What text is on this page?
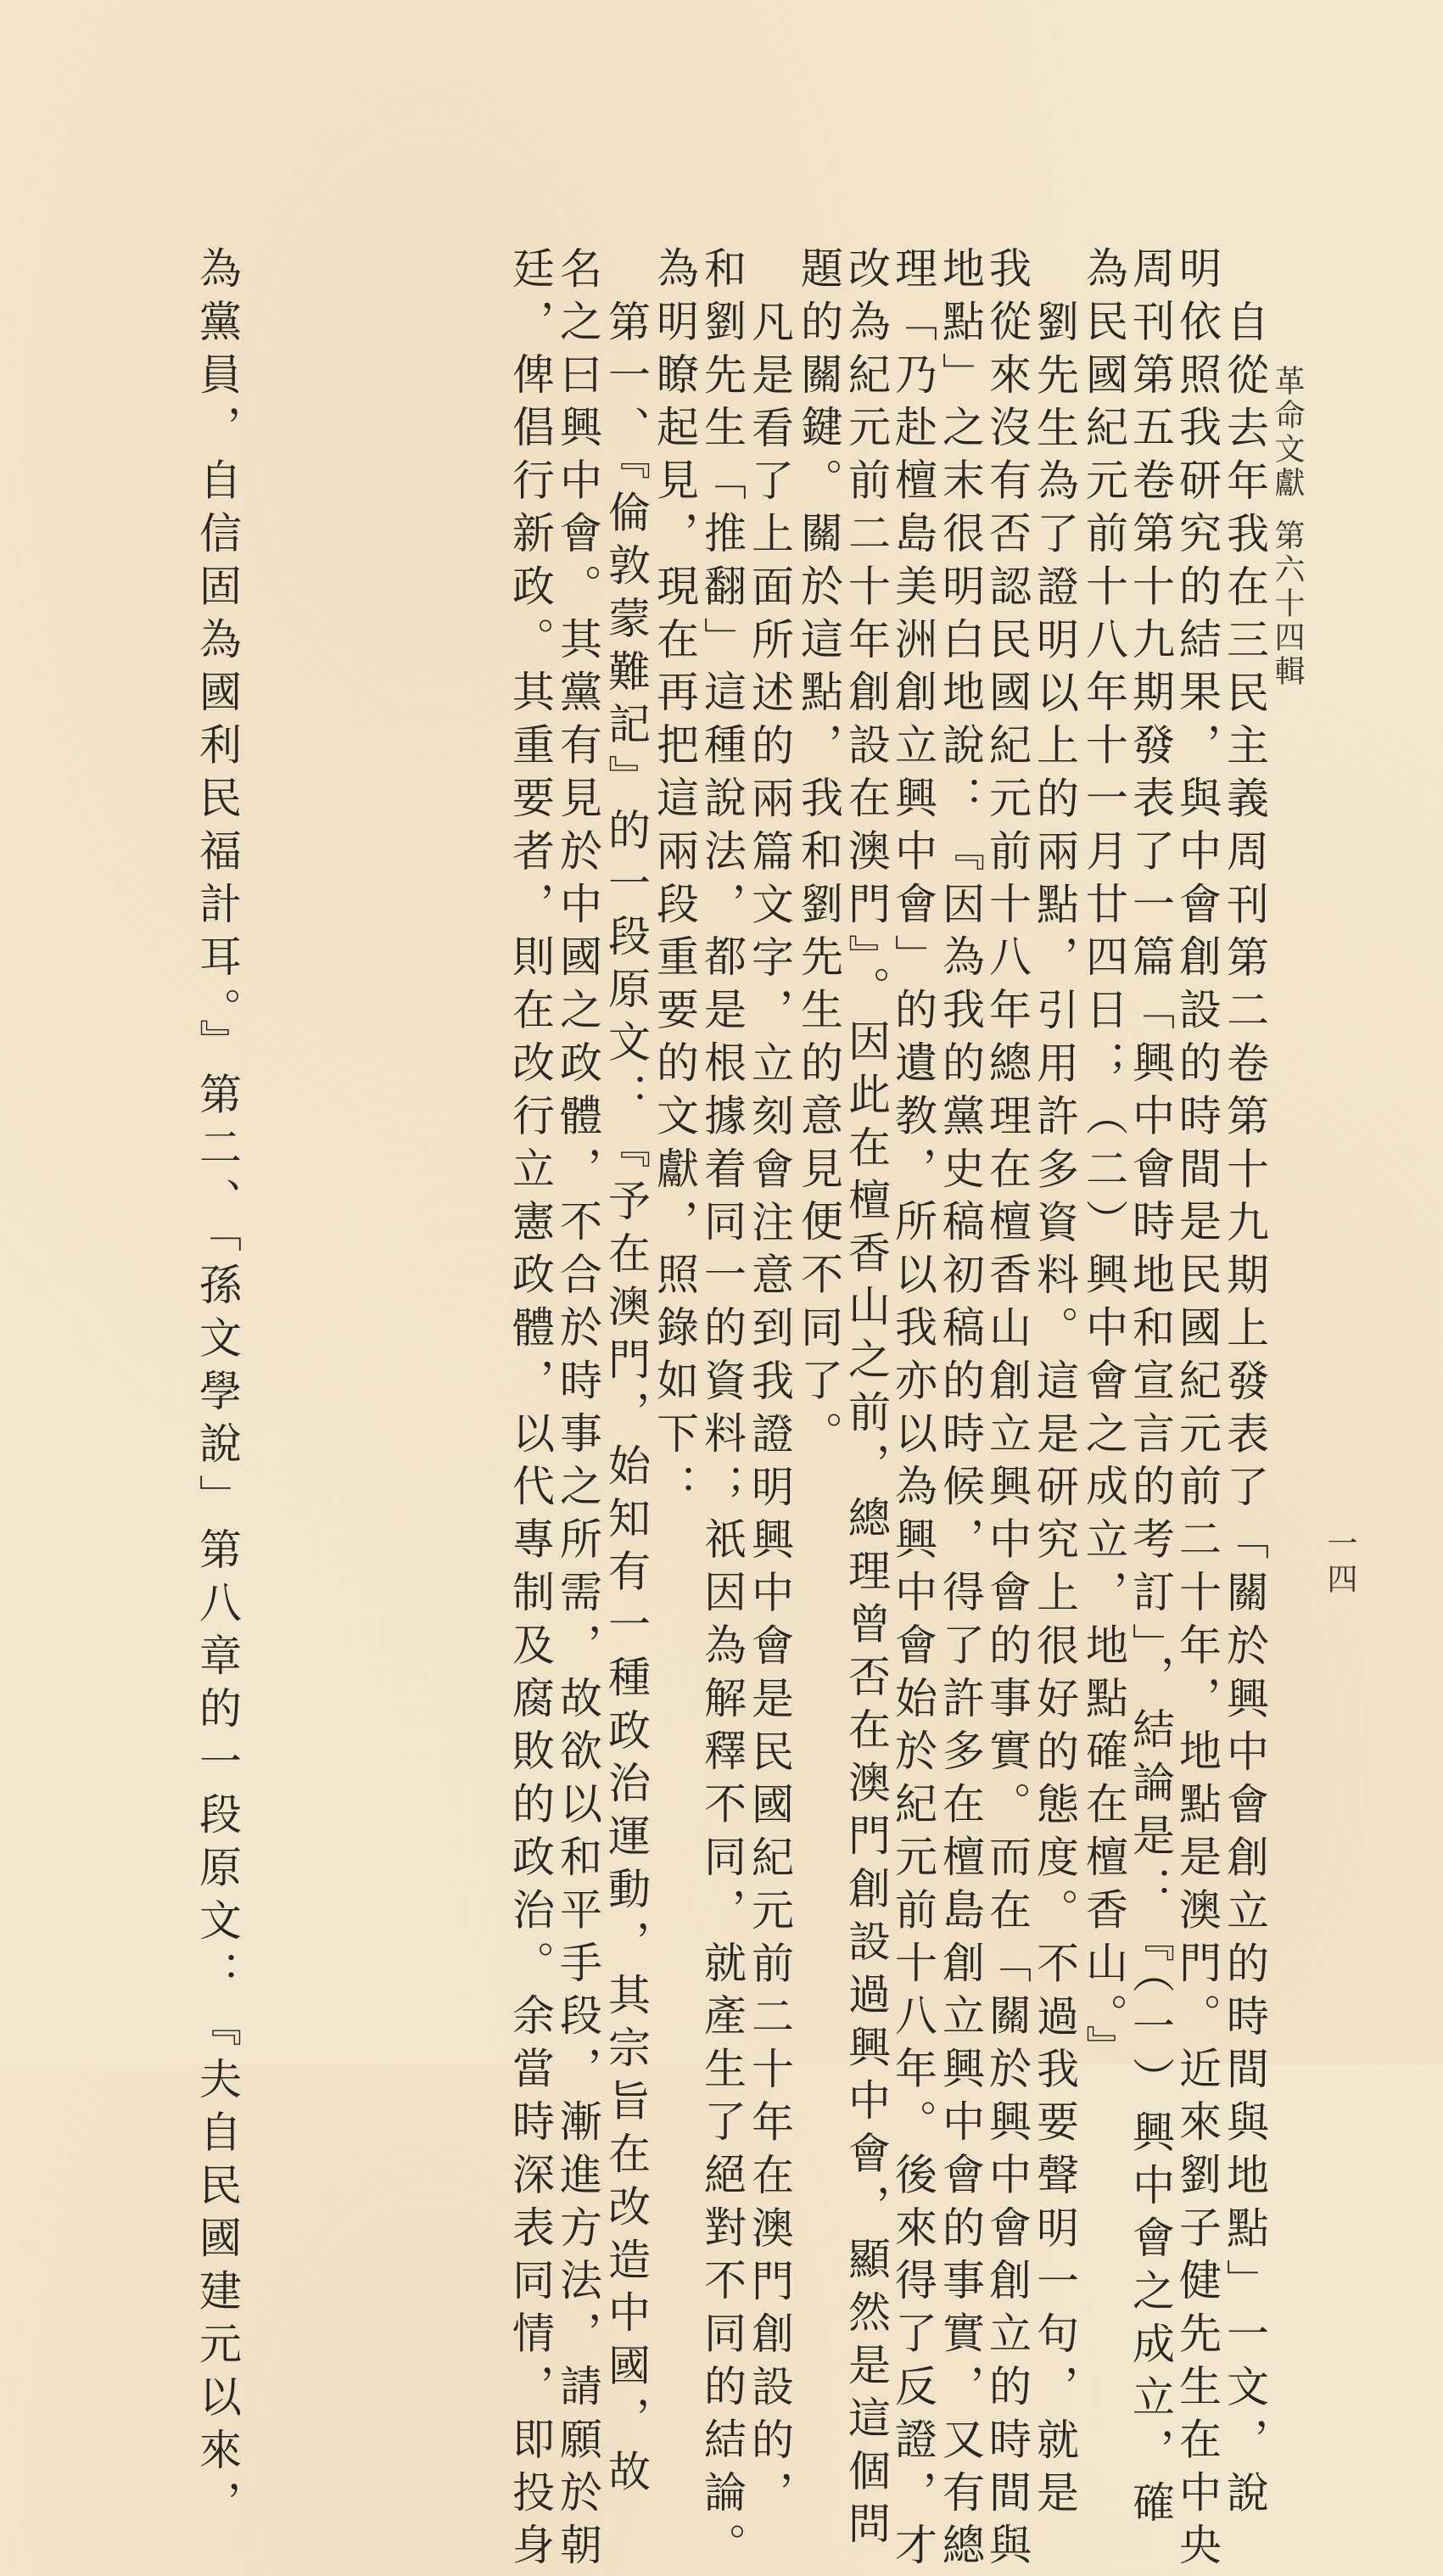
革命文獻第六十四輯
一四
自從去年我在三民主義周刊第二卷第十九期上發表了「關於興中會創立的時間與地點」一文，說
明依照我研究的結果，與中會創設的時間是民國紀元前二十年，地點是澳門。近來劉子健先生在中央
周刊第五卷第十九期發表了一篇「興中會時地和宣言的考訂」，結論是：『（一）興中會之成立，確
為民國紀元前十八年十一月廿四日；（二）興中會之成立，地點確在檀香山。』
劉先生為了證明以上的兩點，引用許多資料。這是研究上很好的態度。不過我要聲明一句，就是
我從來沒有否認民國紀元前十八年總理在檀香山創立興中會的事實。而在「關於興中會創立的時間與
地點」之末很明白地說：『因為我的黨史稿初稿的時候，得了許多在檀島創立興中會的事實，又有總
理「乃赴檀島美洲創立興中會」的遺教，所以我亦以為興中會始於紀元前十八年。後來得了反證，才
改為紀元前二十年創設在澳門』。因此在檀香山之前，總理曾否在澳門創設過興中會，顯然是這個問
題的關鍵。關於這點，我和劉先生的意見便不同了。
凡是看了上面所述的兩篇文字，立刻會注意到我證明興中會是民國紀元前二十年在澳門創設的，
和劉先生「推翻」這種說法，都是根據着同一的資料；祇因為解釋不同，就產生了絕對不同的結論。
為明瞭起見，現在再把這兩段重要的文獻，照錄如下：
第一、『倫敦蒙難記』的一段原文：『予在澳門，始知有一種政治運動，其宗旨在改造中國，故
名之曰興中會。其黨有見於中國之政體，不合於時事之所需，故欲以和平手段，漸進方法，請願於朝
廷，俾倡行新政。其重要者，則在改行立憲政體，以代專制及腐敗的政治。余當時深表同情，即投身
為黨員，自信固為國利民福計耳。』第二、「孫文學說」第八章的一段原文：『夫自民國建元以來，
